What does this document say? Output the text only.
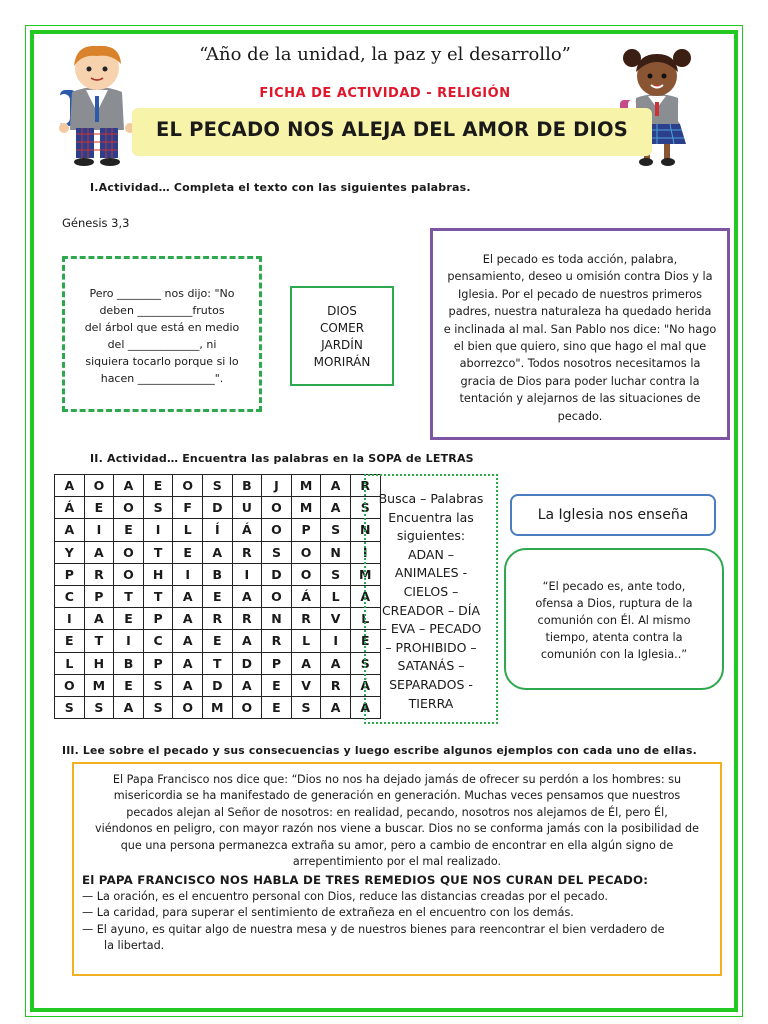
“Año de la unidad, la paz y el desarrollo”
FICHA DE ACTIVIDAD - RELIGIÓN
EL PECADO NOS ALEJA DEL AMOR DE DIOS
I.Actividad… Completa el texto con las siguientes palabras.
Génesis 3,3
Pero ________ nos dijo: "No
deben __________frutos
del árbol que está en medio
del _____________, ni
siquiera tocarlo porque si lo
hacen ______________".
DIOS
COMER
JARDÍN
MORIRÁN
El pecado es toda acción, palabra,
pensamiento, deseo u omisión contra Dios y la
Iglesia. Por el pecado de nuestros primeros
padres, nuestra naturaleza ha quedado herida
e inclinada al mal. San Pablo nos dice: "No hago
el bien que quiero, sino que hago el mal que
aborrezco". Todos nosotros necesitamos la
gracia de Dios para poder luchar contra la
tentación y alejarnos de las situaciones de
pecado.
II. Actividad… Encuentra las palabras en la SOPA de LETRAS
A	O	A	E	O	S	B	J	M	A	R
Á	E	O	S	F	D	U	O	M	A	S
A	I	E	I	L	Í	Á	O	P	S	N
Y	A	O	T	E	A	R	S	O	N	I
P	R	O	H	I	B	I	D	O	S	M
C	P	T	T	A	E	A	O	Á	L	A
I	A	E	P	A	R	R	N	R	V	L
E	T	I	C	A	E	A	R	L	I	E
L	H	B	P	A	T	D	P	A	A	S
O	M	E	S	A	D	A	E	V	R	Á
S	S	A	S	O	M	O	E	S	A	A
Busca – Palabras
Encuentra las
siguientes:
ADAN –
ANIMALES -
CIELOS –
CREADOR – DÍA
– EVA – PECADO
– PROHIBIDO –
SATANÁS –
SEPARADOS -
TIERRA
La Iglesia nos enseña
“El pecado es, ante todo,
ofensa a Dios, ruptura de la
comunión con Él. Al mismo
tiempo, atenta contra la
comunión con la Iglesia..”
III. Lee sobre el pecado y sus consecuencias y luego escribe algunos ejemplos con cada uno de ellas.
El Papa Francisco nos dice que: “Dios no nos ha dejado jamás de ofrecer su perdón a los hombres: su
misericordia se ha manifestado de generación en generación. Muchas veces pensamos que nuestros
pecados alejan al Señor de nosotros: en realidad, pecando, nosotros nos alejamos de Él, pero Él,
viéndonos en peligro, con mayor razón nos viene a buscar. Dios no se conforma jamás con la posibilidad de
que una persona permanezca extraña su amor, pero a cambio de encontrar en ella algún signo de
arrepentimiento por el mal realizado.
El PAPA FRANCISCO NOS HABLA DE TRES REMEDIOS QUE NOS CURAN DEL PECADO:
— La oración, es el encuentro personal con Dios, reduce las distancias creadas por el pecado.
— La caridad, para superar el sentimiento de extrañeza en el encuentro con los demás.
— El ayuno, es quitar algo de nuestra mesa y de nuestros bienes para reencontrar el bien verdadero de
la libertad.
